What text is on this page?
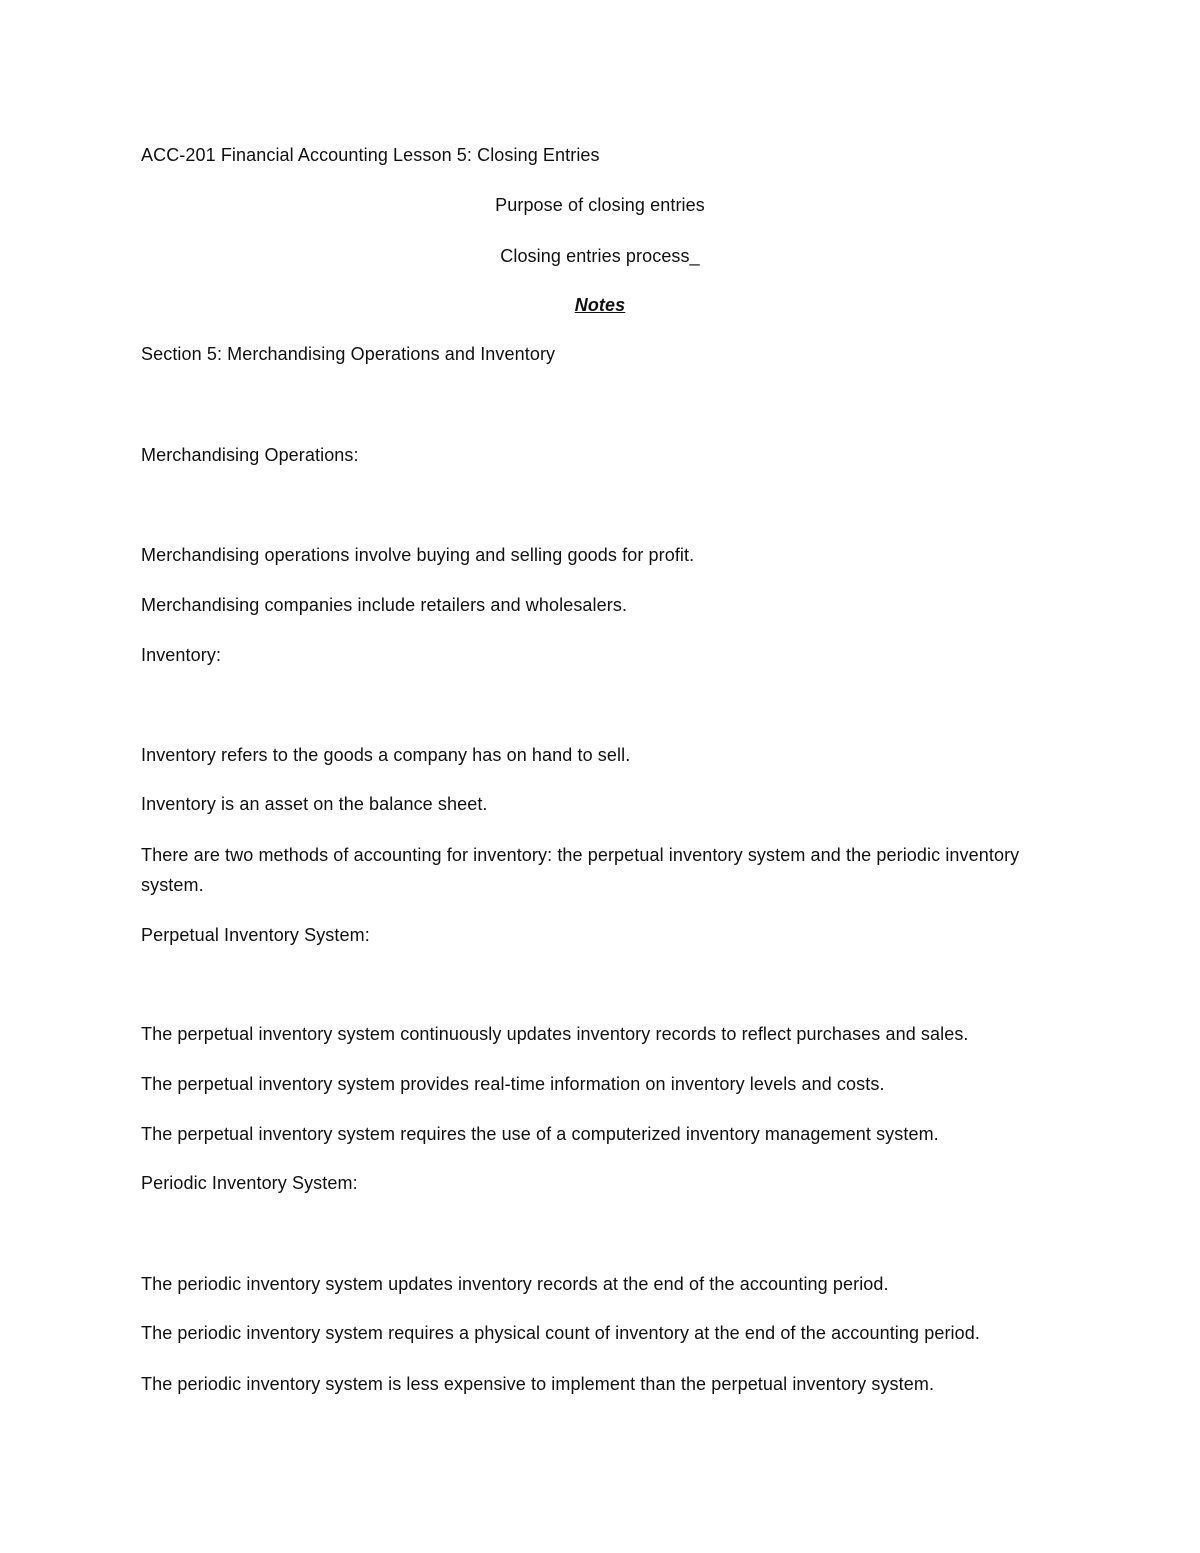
ACC-201 Financial Accounting Lesson 5: Closing Entries
Purpose of closing entries
Closing entries process_
Notes
Section 5: Merchandising Operations and Inventory
Merchandising Operations:
Merchandising operations involve buying and selling goods for profit.
Merchandising companies include retailers and wholesalers.
Inventory:
Inventory refers to the goods a company has on hand to sell.
Inventory is an asset on the balance sheet.
There are two methods of accounting for inventory: the perpetual inventory system and the periodic inventory system.
Perpetual Inventory System:
The perpetual inventory system continuously updates inventory records to reflect purchases and sales.
The perpetual inventory system provides real-time information on inventory levels and costs.
The perpetual inventory system requires the use of a computerized inventory management system.
Periodic Inventory System:
The periodic inventory system updates inventory records at the end of the accounting period.
The periodic inventory system requires a physical count of inventory at the end of the accounting period.
The periodic inventory system is less expensive to implement than the perpetual inventory system.
